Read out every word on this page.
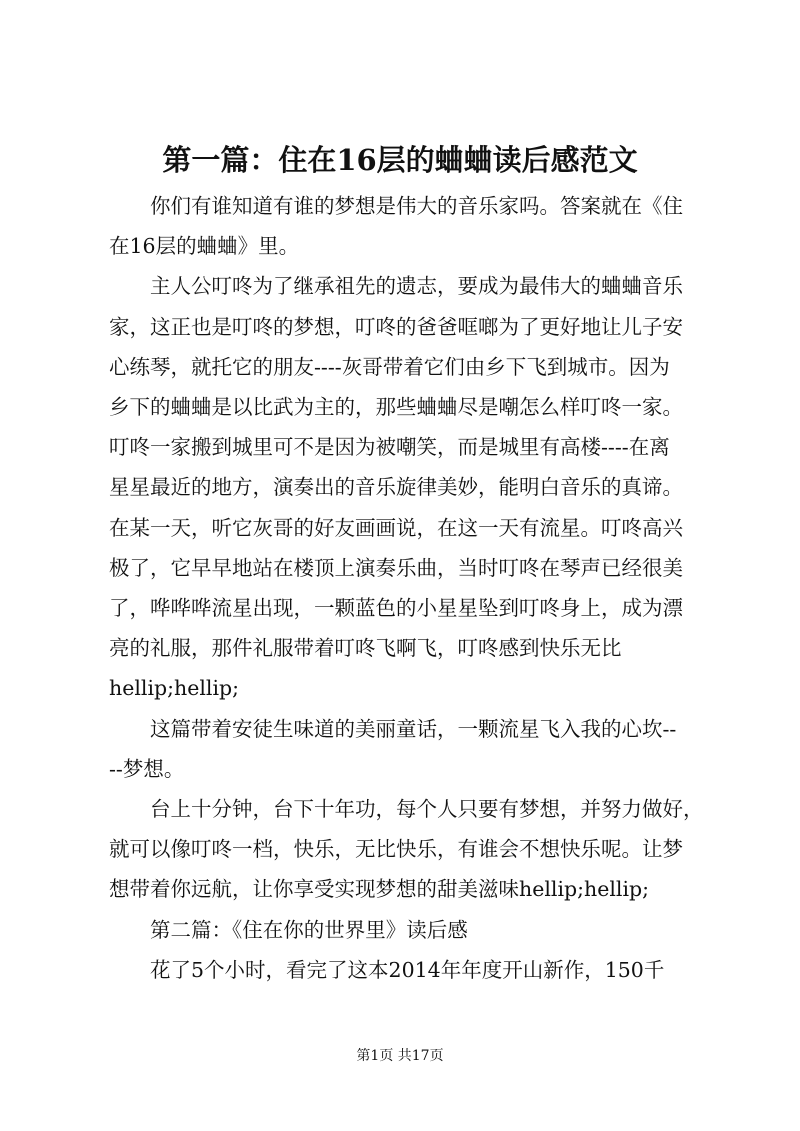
第一篇：住在16层的蛐蛐读后感范文

你们有谁知道有谁的梦想是伟大的音乐家吗。答案就在《住

在16层的蛐蛐》里。

主人公叮咚为了继承祖先的遗志，要成为最伟大的蛐蛐音乐

家，这正也是叮咚的梦想，叮咚的爸爸哐啷为了更好地让儿子安

心练琴，就托它的朋友----灰哥带着它们由乡下飞到城市。因为

乡下的蛐蛐是以比武为主的，那些蛐蛐尽是嘲怎么样叮咚一家。

叮咚一家搬到城里可不是因为被嘲笑，而是城里有高楼----在离

星星最近的地方，演奏出的音乐旋律美妙，能明白音乐的真谛。

在某一天，听它灰哥的好友画画说，在这一天有流星。叮咚高兴

极了，它早早地站在楼顶上演奏乐曲，当时叮咚在琴声已经很美

了，哗哗哗流星出现，一颗蓝色的小星星坠到叮咚身上，成为漂

亮的礼服，那件礼服带着叮咚飞啊飞，叮咚感到快乐无比

hellip;hellip;

这篇带着安徒生味道的美丽童话，一颗流星飞入我的心坎--

--梦想。

台上十分钟，台下十年功，每个人只要有梦想，并努力做好，

就可以像叮咚一档，快乐，无比快乐，有谁会不想快乐呢。让梦

想带着你远航，让你享受实现梦想的甜美滋味hellip;hellip;

第二篇：《住在你的世界里》读后感

花了5个小时，看完了这本2014年年度开山新作，150千

第1页 共17页
